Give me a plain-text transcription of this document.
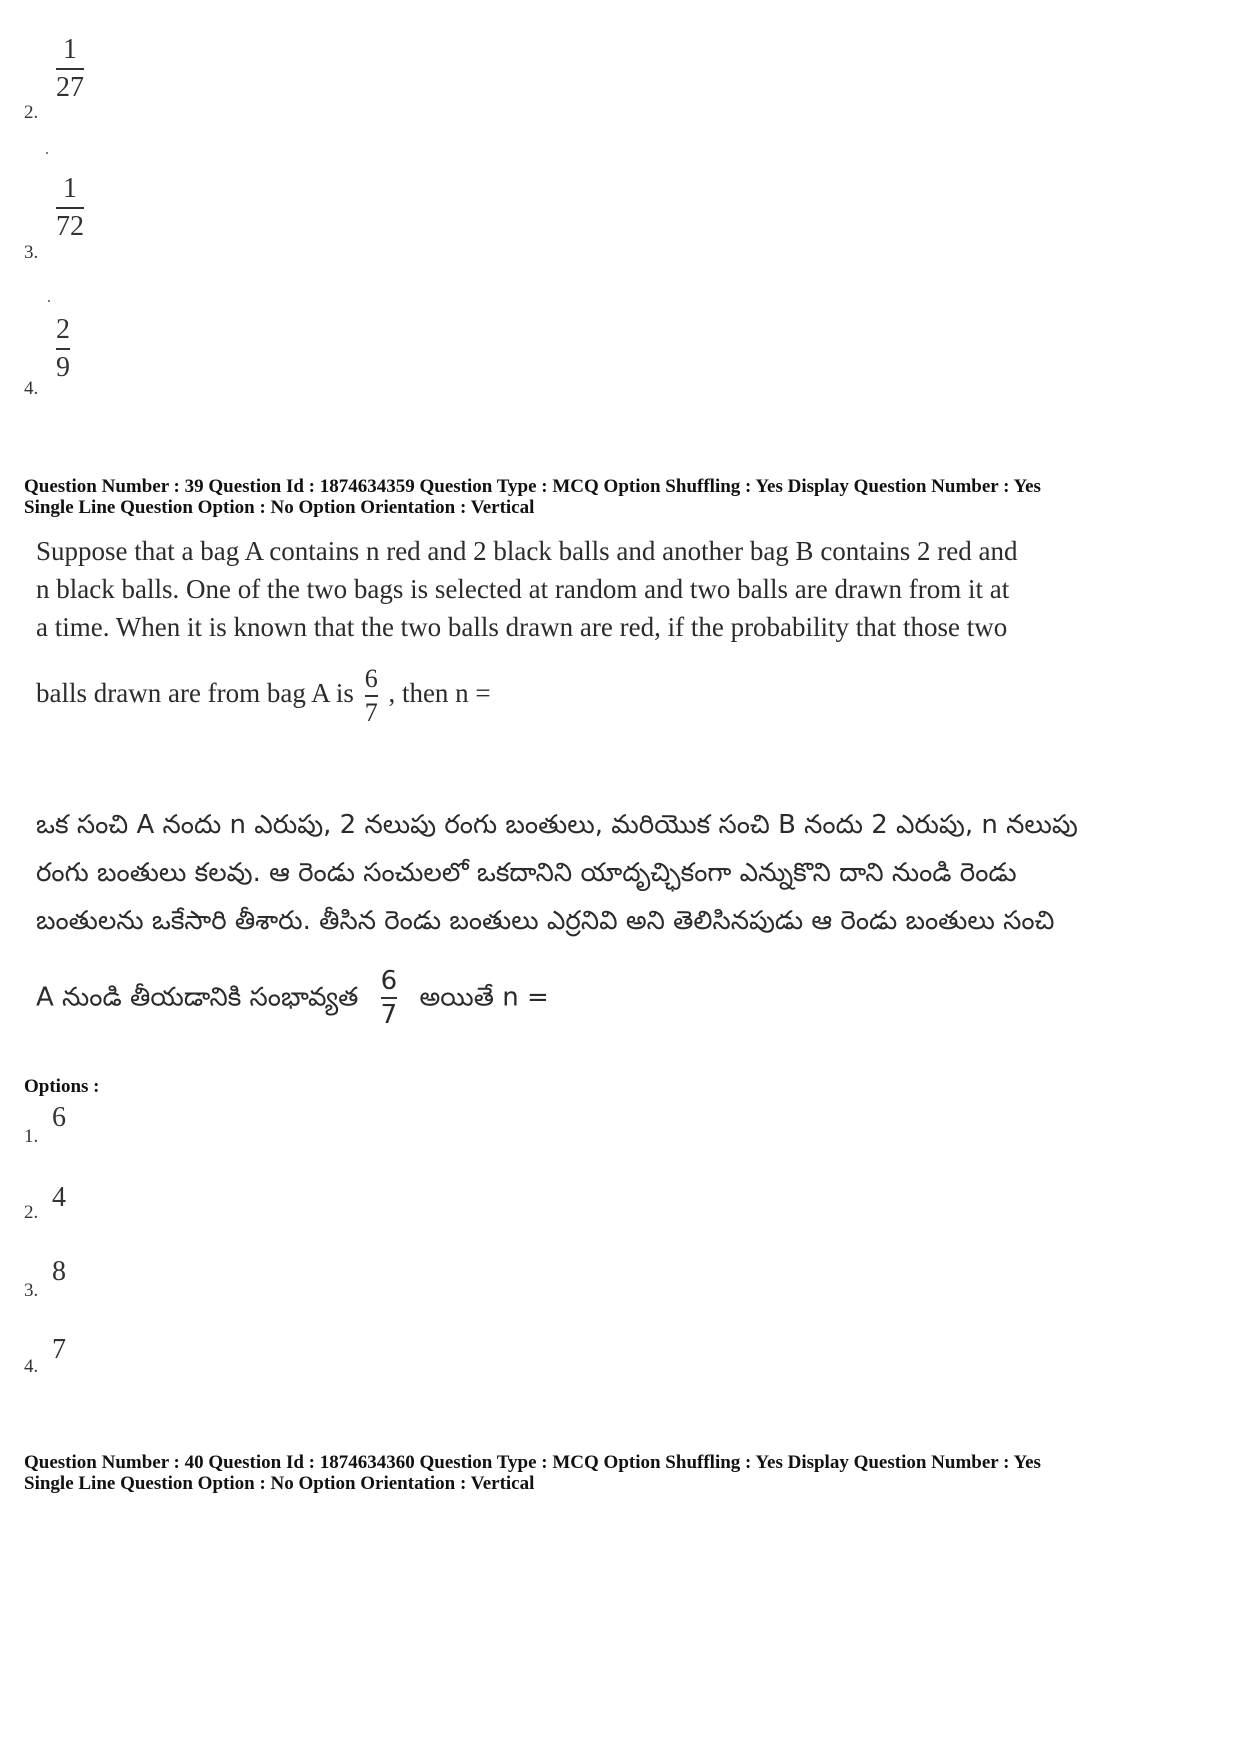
2.
1
27
3.
1
72
4.
2
9
Question Number : 39 Question Id : 1874634359 Question Type : MCQ Option Shuffling : Yes Display Question Number : Yes
Single Line Question Option : No Option Orientation : Vertical
Suppose that a bag A contains n red and 2 black balls and another bag B contains 2 red and
n black balls. One of the two bags is selected at random and two balls are drawn from it at
a time. When it is known that the two balls drawn are red, if the probability that those two
balls drawn are from bag A is $\frac{6}{7}$ , then n =
ఒక సంచి A నందు n ఎరుపు, 2 నలుపు రంగు బంతులు, మరియొక సంచి B నందు 2 ఎరుపు, n నలుపు
రంగు బంతులు కలవు. ఆ రెండు సంచులలో ఒకదానిని యాదృచ్ఛికంగా ఎన్నుకొని దాని నుండి రెండు
బంతులను ఒకేసారి తీశారు. తీసిన రెండు బంతులు ఎర్రనివి అని తెలిసినపుడు ఆ రెండు బంతులు సంచి
A నుండి తీయడానికి సంభావ్యత $\frac{6}{7}$ అయితే n =
Options :
1.
6
2. 4
3.
8
4.
7
Question Number : 40 Question Id : 1874634360 Question Type : MCQ Option Shuffling : Yes Display Question Number : Yes
Single Line Question Option : No Option Orientation : Vertical
